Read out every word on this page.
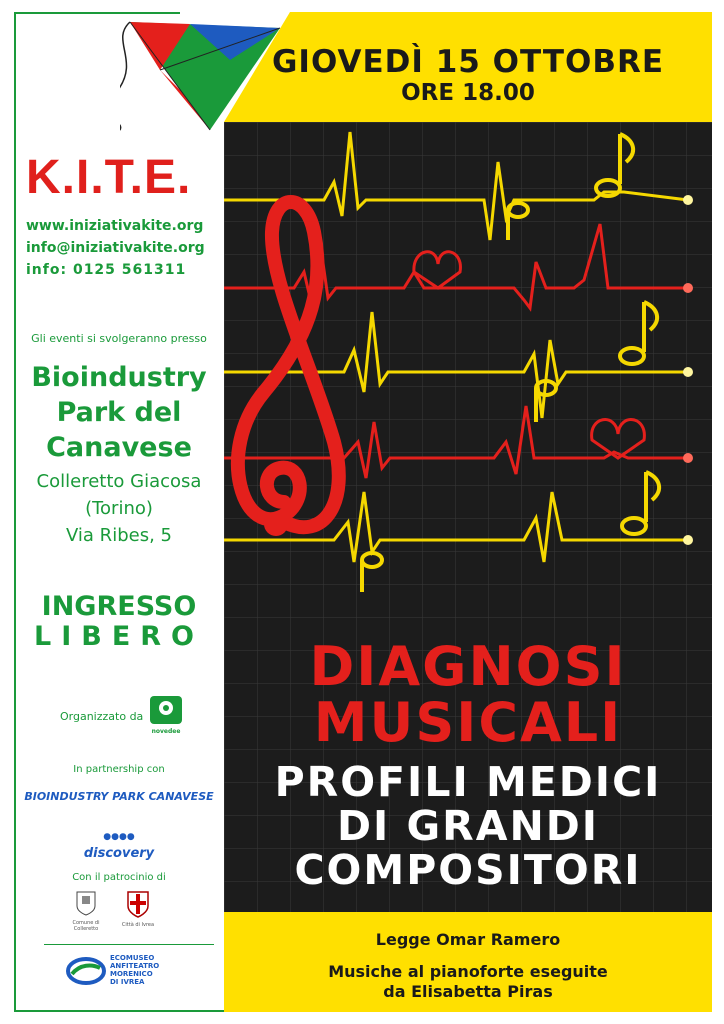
GIOVEDÌ 15 OTTOBRE
ORE 18.00
DIAGNOSI
MUSICALI
PROFILI MEDICI
DI GRANDI
COMPOSITORI
Legge Omar Ramero
Musiche al pianoforte eseguite
da Elisabetta Piras
K.I.T.E.
www.iniziativakite.org
info@iniziativakite.org
info: 0125 561311
Gli eventi si svolgeranno presso
Bioindustry
Park del
Canavese
Colleretto Giacosa
(Torino)
Via Ribes, 5
INGRESSO
LIBERO
Organizzato da
novedee
In partnership con
BIOINDUSTRY PARK CANAVESE
●●●●
discovery
Con il patrocinio di
Comune di Colleretto
Città di Ivrea
ECOMUSEO
ANFITEATRO
MORENICO
DI IVREA
